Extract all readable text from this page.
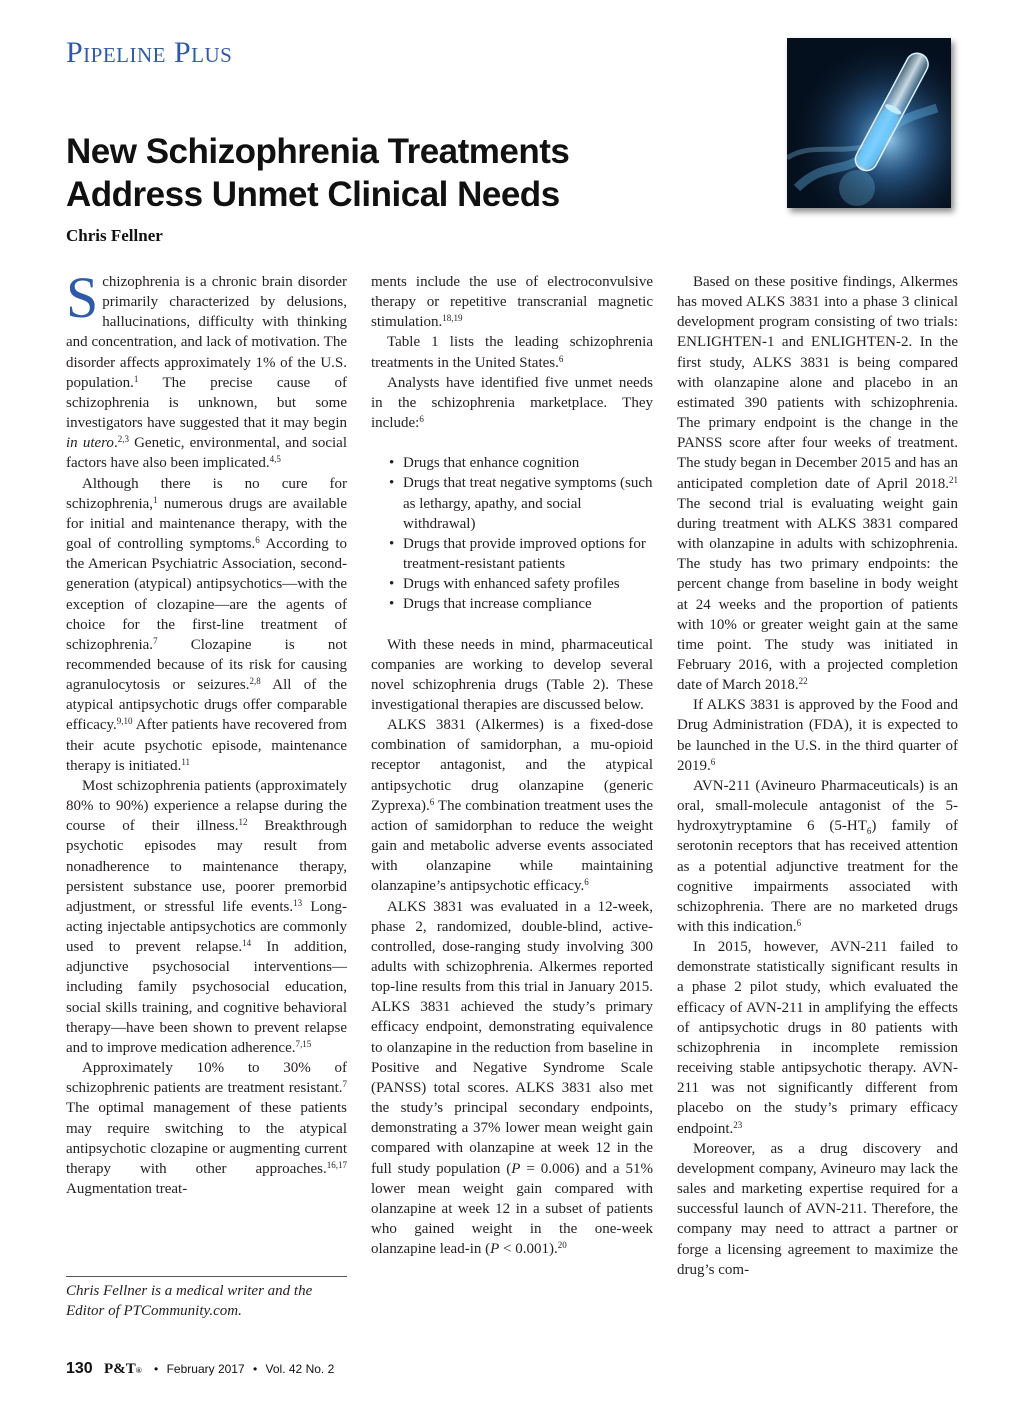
Pipeline Plus
New Schizophrenia Treatments
Address Unmet Clinical Needs
Chris Fellner

Schizophrenia is a chronic brain disorder primarily characterized by delusions, hallucinations, difficulty with thinking and concentration, and lack of motivation. The disorder affects approximately 1% of the U.S. population.$^1$ The precise cause of schizophrenia is unknown, but some investigators have suggested that it may begin in utero.$^{2,3}$ Genetic, environmental, and social factors have also been implicated.$^{4,5}$

Although there is no cure for schizophrenia,$^1$ numerous drugs are available for initial and maintenance therapy, with the goal of controlling symptoms.$^6$ According to the American Psychiatric Association, second-generation (atypical) antipsychotics—with the exception of clozapine—are the agents of choice for the first-line treatment of schizophrenia.$^7$ Clozapine is not recommended because of its risk for causing agranulocytosis or seizures.$^{2,8}$ All of the atypical antipsychotic drugs offer comparable efficacy.$^{9,10}$ After patients have recovered from their acute psychotic episode, maintenance therapy is initiated.$^{11}$

Most schizophrenia patients (approximately 80% to 90%) experience a relapse during the course of their illness.$^{12}$ Breakthrough psychotic episodes may result from nonadherence to maintenance therapy, persistent substance use, poorer premorbid adjustment, or stressful life events.$^{13}$ Long-acting injectable antipsychotics are commonly used to prevent relapse.$^{14}$ In addition, adjunctive psychosocial interventions—including family psychosocial education, social skills training, and cognitive behavioral therapy—have been shown to prevent relapse and to improve medication adherence.$^{7,15}$

Approximately 10% to 30% of schizophrenic patients are treatment resistant.$^7$ The optimal management of these patients may require switching to the atypical antipsychotic clozapine or augmenting current therapy with other approaches.$^{16,17}$ Augmentation treat-

Chris Fellner is a medical writer and the Editor of PTCommunity.com.

ments include the use of electroconvulsive therapy or repetitive transcranial magnetic stimulation.$^{18,19}$

Table 1 lists the leading schizophrenia treatments in the United States.$^6$

Analysts have identified five unmet needs in the schizophrenia marketplace. They include:$^6$

• Drugs that enhance cognition
• Drugs that treat negative symptoms (such as lethargy, apathy, and social withdrawal)
• Drugs that provide improved options for treatment-resistant patients
• Drugs with enhanced safety profiles
• Drugs that increase compliance

With these needs in mind, pharmaceutical companies are working to develop several novel schizophrenia drugs (Table 2). These investigational therapies are discussed below.

ALKS 3831 (Alkermes) is a fixed-dose combination of samidorphan, a mu-opioid receptor antagonist, and the atypical antipsychotic drug olanzapine (generic Zyprexa).$^6$ The combination treatment uses the action of samidorphan to reduce the weight gain and metabolic adverse events associated with olanzapine while maintaining olanzapine’s antipsychotic efficacy.$^6$

ALKS 3831 was evaluated in a 12-week, phase 2, randomized, double-blind, active-controlled, dose-ranging study involving 300 adults with schizophrenia. Alkermes reported top-line results from this trial in January 2015. ALKS 3831 achieved the study’s primary efficacy endpoint, demonstrating equivalence to olanzapine in the reduction from baseline in Positive and Negative Syndrome Scale (PANSS) total scores. ALKS 3831 also met the study’s principal secondary endpoints, demonstrating a 37% lower mean weight gain compared with olanzapine at week 12 in the full study population (P = 0.006) and a 51% lower mean weight gain compared with olanzapine at week 12 in a subset of patients who gained weight in the one-week olanzapine lead-in (P < 0.001).$^{20}$

Based on these positive findings, Alkermes has moved ALKS 3831 into a phase 3 clinical development program consisting of two trials: ENLIGHTEN-1 and ENLIGHTEN-2. In the first study, ALKS 3831 is being compared with olanzapine alone and placebo in an estimated 390 patients with schizophrenia. The primary endpoint is the change in the PANSS score after four weeks of treatment. The study began in December 2015 and has an anticipated completion date of April 2018.21 The second trial is evaluating weight gain during treatment with ALKS 3831 compared with olanzapine in adults with schizophrenia. The study has two primary endpoints: the percent change from baseline in body weight at 24 weeks and the proportion of patients with 10% or greater weight gain at the same time point. The study was initiated in February 2016, with a projected completion date of March 2018.22

If ALKS 3831 is approved by the Food and Drug Administration (FDA), it is expected to be launched in the U.S. in the third quarter of 2019.$^6$

AVN-211 (Avineuro Pharmaceuticals) is an oral, small-molecule antagonist of the 5-hydroxytryptamine 6 $(5-HT_6)$ family of serotonin receptors that has received attention as a potential adjunctive treatment for the cognitive impairments associated with schizophrenia. There are no marketed drugs with this indication.$^6$

In 2015, however, AVN-211 failed to demonstrate statistically significant results in a phase 2 pilot study, which evaluated the efficacy of AVN-211 in amplifying the effects of antipsychotic drugs in 80 patients with schizophrenia in incomplete remission receiving stable antipsychotic therapy. AVN-211 was not significantly different from placebo on the study’s primary efficacy endpoint.$^{23}$

Moreover, as a drug discovery and development company, Avineuro may lack the sales and marketing expertise required for a successful launch of AVN-211. Therefore, the company may need to attract a partner or forge a licensing agreement to maximize the drug’s com-

130 P&T® • February 2017 • Vol. 42 No. 2
